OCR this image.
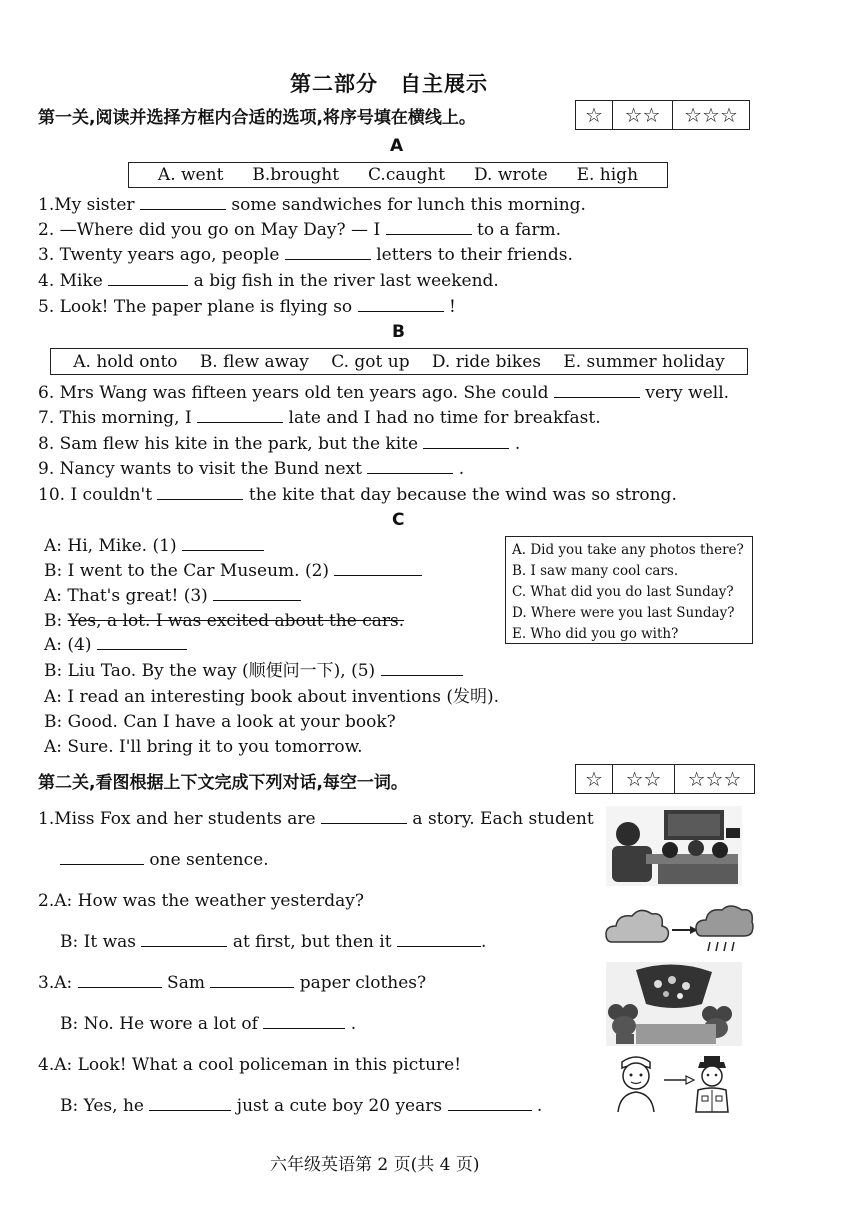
第二部分　自主展示
第一关,阅读并选择方框内合适的选项,将序号填在横线上。	☆	☆☆	☆☆☆
A
A. went B.brought C.caught D. wrote E. high
1.My sister	some sandwiches for lunch this morning.
2. —Where did you go on May Day? — I	to a farm.
3. Twenty years ago, people	letters to their friends.
4. Mike	a big fish in the river last weekend.
5. Look! The paper plane is flying so	!
B
A. hold onto B. flew away C. got up D. ride bikes E. summer holiday
6. Mrs Wang was fifteen years old ten years ago. She could	very well.
7. This morning, I	late and I had no time for breakfast.
8. Sam flew his kite in the park, but the kite	.
9. Nancy wants to visit the Bund next	.
10. I couldn't	the kite that day because the wind was so strong.
C
A: Hi, Mike. (1)
B: I went to the Car Museum. (2)
A: That's great! (3)
B: Yes, a lot. I was excited about the cars.
A: (4)
B: Liu Tao. By the way (顺便问一下), (5)
A: I read an interesting book about inventions (发明).
B: Good. Can I have a look at your book?
A: Sure. I'll bring it to you tomorrow.
A. Did you take any photos there?
B. I saw many cool cars.
C. What did you do last Sunday?
D. Where were you last Sunday?
E. Who did you go with?
第二关,看图根据上下文完成下列对话,每空一词。	☆	☆☆	☆☆☆
1.Miss Fox and her students are	a story. Each student
one sentence.
2.A: How was the weather yesterday?
B: It was	at first, but then it	.
3.A:	Sam	paper clothes?
B: No. He wore a lot of	.
4.A: Look! What a cool policeman in this picture!
B: Yes, he	just a cute boy 20 years	.
六年级英语第 2 页(共 4 页)
